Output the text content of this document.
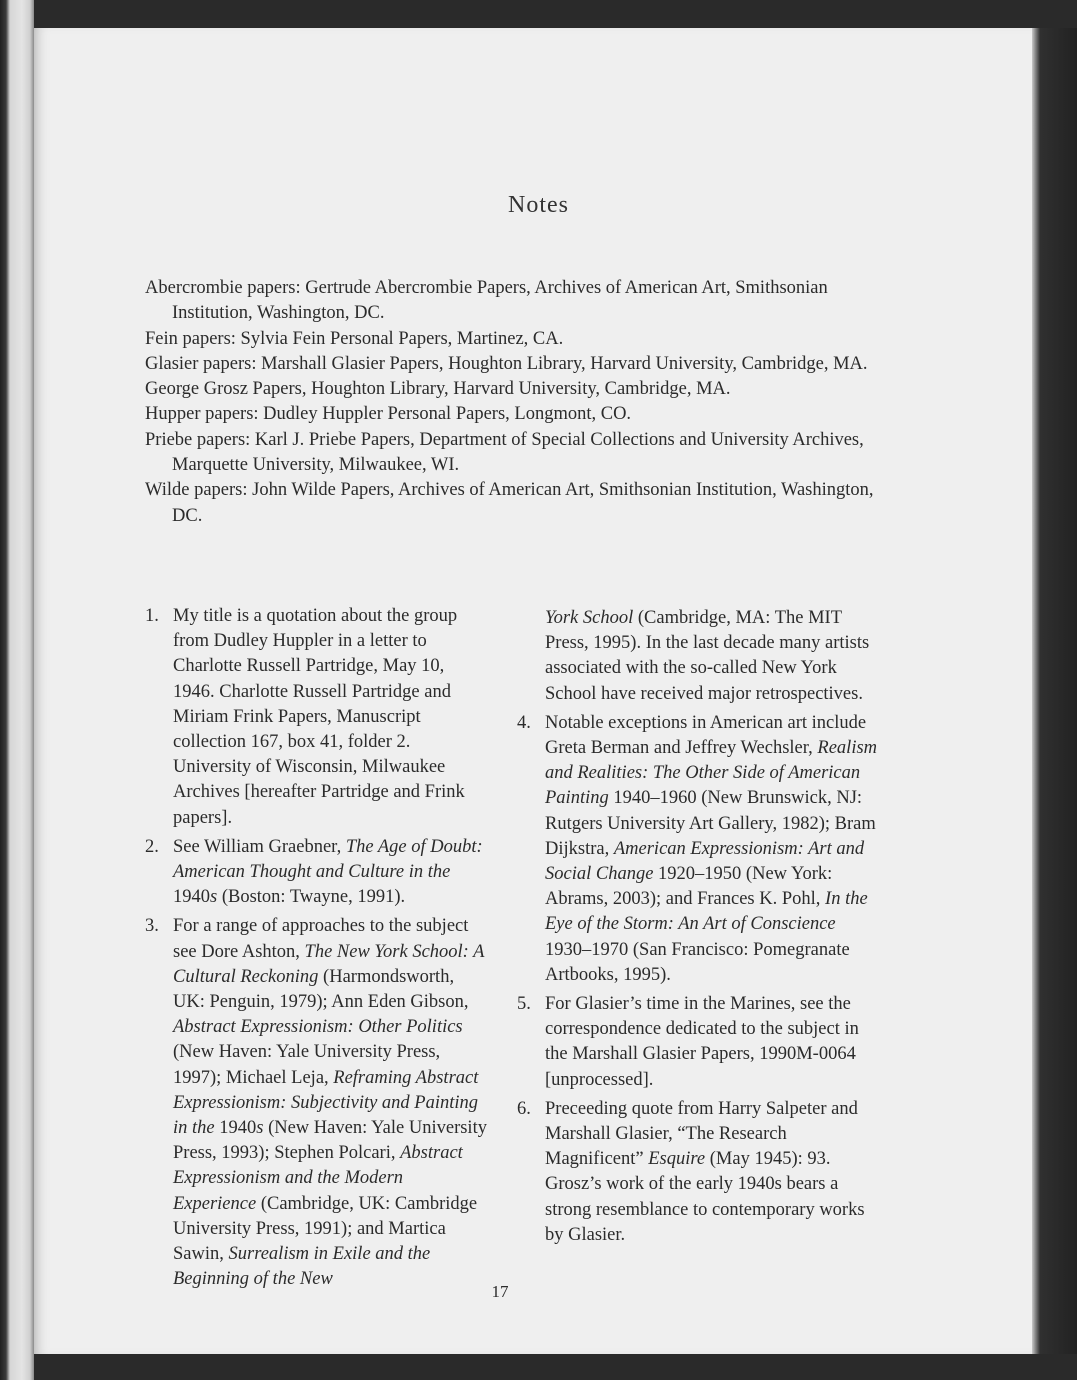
Notes

Abercrombie papers: Gertrude Abercrombie Papers, Archives of American Art, Smithsonian Institution, Washington, DC.

Fein papers: Sylvia Fein Personal Papers, Martinez, CA.

Glasier papers: Marshall Glasier Papers, Houghton Library, Harvard University, Cambridge, MA.

George Grosz Papers, Houghton Library, Harvard University, Cambridge, MA.

Hupper papers: Dudley Huppler Personal Papers, Longmont, CO.

Priebe papers: Karl J. Priebe Papers, Department of Special Collections and University Archives, Marquette University, Milwaukee, WI.

Wilde papers: John Wilde Papers, Archives of American Art, Smithsonian Institution, Washington, DC.

1. My title is a quotation about the group from Dudley Huppler in a letter to Charlotte Russell Partridge, May 10, 1946. Charlotte Russell Partridge and Miriam Frink Papers, Manuscript collection 167, box 41, folder 2. University of Wisconsin, Milwaukee Archives [hereafter Partridge and Frink papers].
2. See William Graebner, The Age of Doubt: American Thought and Culture in the 1940s (Boston: Twayne, 1991).
3. For a range of approaches to the subject see Dore Ashton, The New York School: A Cultural Reckoning (Harmondsworth, UK: Penguin, 1979); Ann Eden Gibson, Abstract Expressionism: Other Politics (New Haven: Yale University Press, 1997); Michael Leja, Reframing Abstract Expressionism: Subjectivity and Painting in the 1940s (New Haven: Yale University Press, 1993); Stephen Polcari, Abstract Expressionism and the Modern Experience (Cambridge, UK: Cambridge University Press, 1991); and Martica Sawin, Surrealism in Exile and the Beginning of the New
York School (Cambridge, MA: The MIT Press, 1995). In the last decade many artists associated with the so-called New York School have received major retrospectives.
4. Notable exceptions in American art include Greta Berman and Jeffrey Wechsler, Realism and Realities: The Other Side of American Painting 1940–1960 (New Brunswick, NJ: Rutgers University Art Gallery, 1982); Bram Dijkstra, American Expressionism: Art and Social Change 1920–1950 (New York: Abrams, 2003); and Frances K. Pohl, In the Eye of the Storm: An Art of Conscience 1930–1970 (San Francisco: Pomegranate Artbooks, 1995).
5. For Glasier’s time in the Marines, see the correspondence dedicated to the subject in the Marshall Glasier Papers, 1990M-0064 [unprocessed].
6. Preceeding quote from Harry Salpeter and Marshall Glasier, “The Research Magnificent” Esquire (May 1945): 93. Grosz’s work of the early 1940s bears a strong resemblance to contemporary works by Glasier.
17
